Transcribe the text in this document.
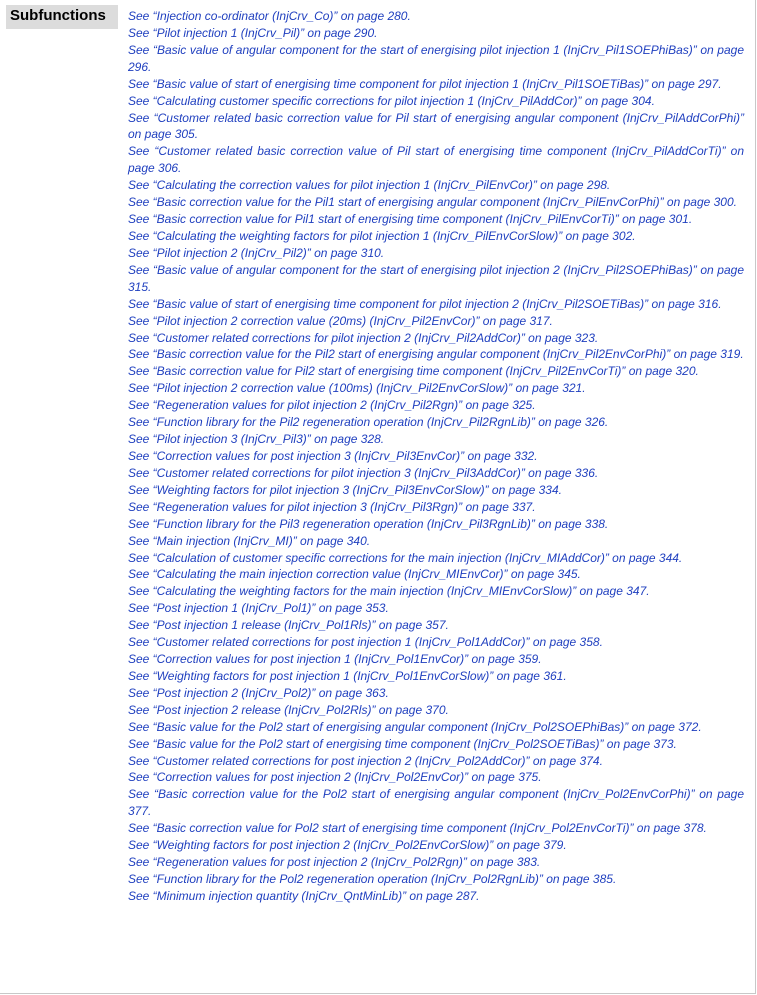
Subfunctions	See “Injection co-ordinator (InjCrv_Co)” on page 280.
See “Pilot injection 1 (InjCrv_Pil)” on page 290.
See “Basic value of angular component for the start of energising pilot injection 1 (InjCrv_Pil1SOEPhiBas)” on page 296.
See “Basic value of start of energising time component for pilot injection 1 (InjCrv_Pil1SOETiBas)” on page 297.
See “Calculating customer specific corrections for pilot injection 1 (InjCrv_PilAddCor)” on page 304.
See “Customer related basic correction value for Pil start of energising angular component (InjCrv_PilAddCorPhi)” on page 305.
See “Customer related basic correction value of Pil start of energising time component (InjCrv_PilAddCorTi)” on page 306.
See “Calculating the correction values for pilot injection 1 (InjCrv_PilEnvCor)” on page 298.
See “Basic correction value for the Pil1 start of energising angular component (InjCrv_PilEnvCorPhi)” on page 300.
See “Basic correction value for Pil1 start of energising time component (InjCrv_PilEnvCorTi)” on page 301.
See “Calculating the weighting factors for pilot injection 1 (InjCrv_PilEnvCorSlow)” on page 302.
See “Pilot injection 2 (InjCrv_Pil2)” on page 310.
See “Basic value of angular component for the start of energising pilot injection 2 (InjCrv_Pil2SOEPhiBas)” on page 315.
See “Basic value of start of energising time component for pilot injection 2 (InjCrv_Pil2SOETiBas)” on page 316.
See “Pilot injection 2 correction value (20ms) (InjCrv_Pil2EnvCor)” on page 317.
See “Customer related corrections for pilot injection 2 (InjCrv_Pil2AddCor)” on page 323.
See “Basic correction value for the Pil2 start of energising angular component (InjCrv_Pil2EnvCorPhi)” on page 319.
See “Basic correction value for Pil2 start of energising time component (InjCrv_Pil2EnvCorTi)” on page 320.
See “Pilot injection 2 correction value (100ms) (InjCrv_Pil2EnvCorSlow)” on page 321.
See “Regeneration values for pilot injection 2 (InjCrv_Pil2Rgn)” on page 325.
See “Function library for the Pil2 regeneration operation (InjCrv_Pil2RgnLib)” on page 326.
See “Pilot injection 3 (InjCrv_Pil3)” on page 328.
See “Correction values for post injection 3 (InjCrv_Pil3EnvCor)” on page 332.
See “Customer related corrections for pilot injection 3 (InjCrv_Pil3AddCor)” on page 336.
See “Weighting factors for pilot injection 3 (InjCrv_Pil3EnvCorSlow)” on page 334.
See “Regeneration values for pilot injection 3 (InjCrv_Pil3Rgn)” on page 337.
See “Function library for the Pil3 regeneration operation (InjCrv_Pil3RgnLib)” on page 338.
See “Main injection (InjCrv_MI)” on page 340.
See “Calculation of customer specific corrections for the main injection (InjCrv_MIAddCor)” on page 344.
See “Calculating the main injection correction value (InjCrv_MIEnvCor)” on page 345.
See “Calculating the weighting factors for the main injection (InjCrv_MIEnvCorSlow)” on page 347.
See “Post injection 1 (InjCrv_Pol1)” on page 353.
See “Post injection 1 release (InjCrv_Pol1Rls)” on page 357.
See “Customer related corrections for post injection 1 (InjCrv_Pol1AddCor)” on page 358.
See “Correction values for post injection 1 (InjCrv_Pol1EnvCor)” on page 359.
See “Weighting factors for post injection 1 (InjCrv_Pol1EnvCorSlow)” on page 361.
See “Post injection 2 (InjCrv_Pol2)” on page 363.
See “Post injection 2 release (InjCrv_Pol2Rls)” on page 370.
See “Basic value for the Pol2 start of energising angular component (InjCrv_Pol2SOEPhiBas)” on page 372.
See “Basic value for the Pol2 start of energising time component (InjCrv_Pol2SOETiBas)” on page 373.
See “Customer related corrections for post injection 2 (InjCrv_Pol2AddCor)” on page 374.
See “Correction values for post injection 2 (InjCrv_Pol2EnvCor)” on page 375.
See “Basic correction value for the Pol2 start of energising angular component (InjCrv_Pol2EnvCorPhi)” on page 377.
See “Basic correction value for Pol2 start of energising time component (InjCrv_Pol2EnvCorTi)” on page 378.
See “Weighting factors for post injection 2 (InjCrv_Pol2EnvCorSlow)” on page 379.
See “Regeneration values for post injection 2 (InjCrv_Pol2Rgn)” on page 383.
See “Function library for the Pol2 regeneration operation (InjCrv_Pol2RgnLib)” on page 385.
See “Minimum injection quantity (InjCrv_QntMinLib)” on page 287.
